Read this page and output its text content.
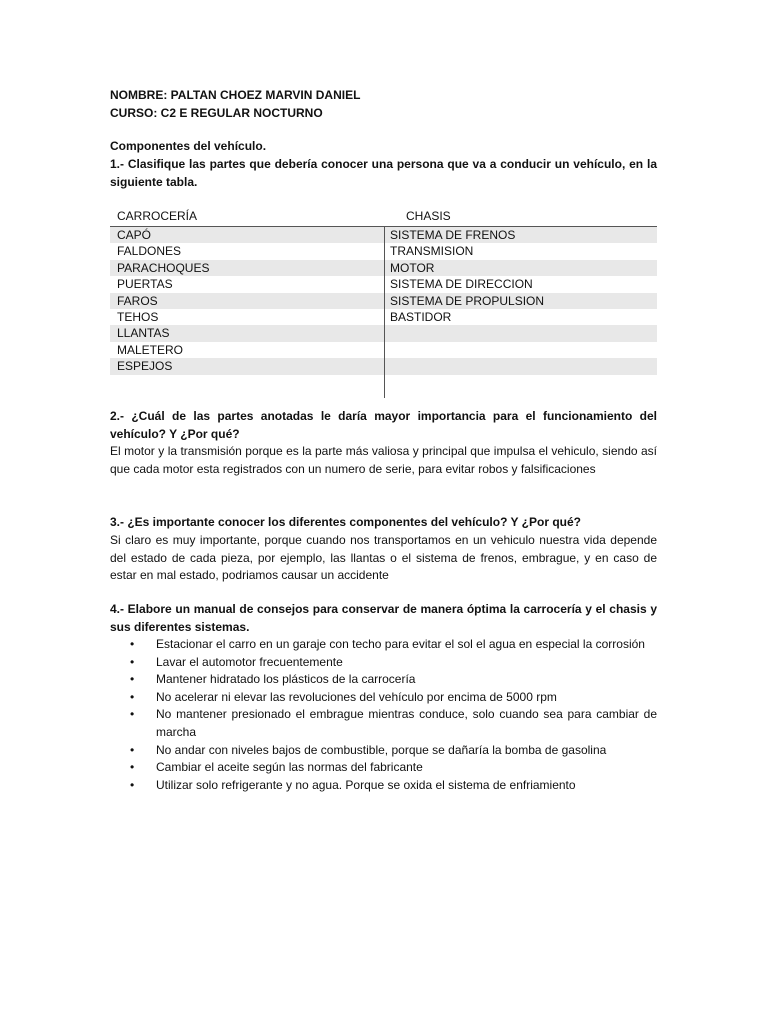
NOMBRE: PALTAN CHOEZ MARVIN DANIEL
CURSO: C2 E REGULAR NOCTURNO
Componentes del vehículo.
1.- Clasifique las partes que debería conocer una persona que va a conducir un vehículo, en la siguiente tabla.
CARROCERÍA	CHASIS
CAPÓ	SISTEMA DE FRENOS
FALDONES	TRANSMISION
PARACHOQUES	MOTOR
PUERTAS	SISTEMA DE DIRECCION
FAROS	SISTEMA DE PROPULSION
TEHOS	BASTIDOR
LLANTAS
MALETERO
ESPEJOS
2.- ¿Cuál de las partes anotadas le daría mayor importancia para el funcionamiento del vehículo? Y ¿Por qué?
El motor y la transmisión porque es la parte más valiosa y principal que impulsa el vehiculo, siendo así que cada motor esta registrados con un numero de serie, para evitar robos y falsificaciones
3.- ¿Es importante conocer los diferentes componentes del vehículo? Y ¿Por qué?
Si claro es muy importante, porque cuando nos transportamos en un vehiculo nuestra vida depende del estado de cada pieza, por ejemplo, las llantas o el sistema de frenos, embrague, y en caso de estar en mal estado, podriamos causar un accidente
4.- Elabore un manual de consejos para conservar de manera óptima la carrocería y el chasis y sus diferentes sistemas.
• Estacionar el carro en un garaje con techo para evitar el sol el agua en especial la corrosión
• Lavar el automotor frecuentemente
• Mantener hidratado los plásticos de la carrocería
• No acelerar ni elevar las revoluciones del vehículo por encima de 5000 rpm
• No mantener presionado el embrague mientras conduce, solo cuando sea para cambiar de marcha
• No andar con niveles bajos de combustible, porque se dañaría la bomba de gasolina
• Cambiar el aceite según las normas del fabricante
• Utilizar solo refrigerante y no agua. Porque se oxida el sistema de enfriamiento
